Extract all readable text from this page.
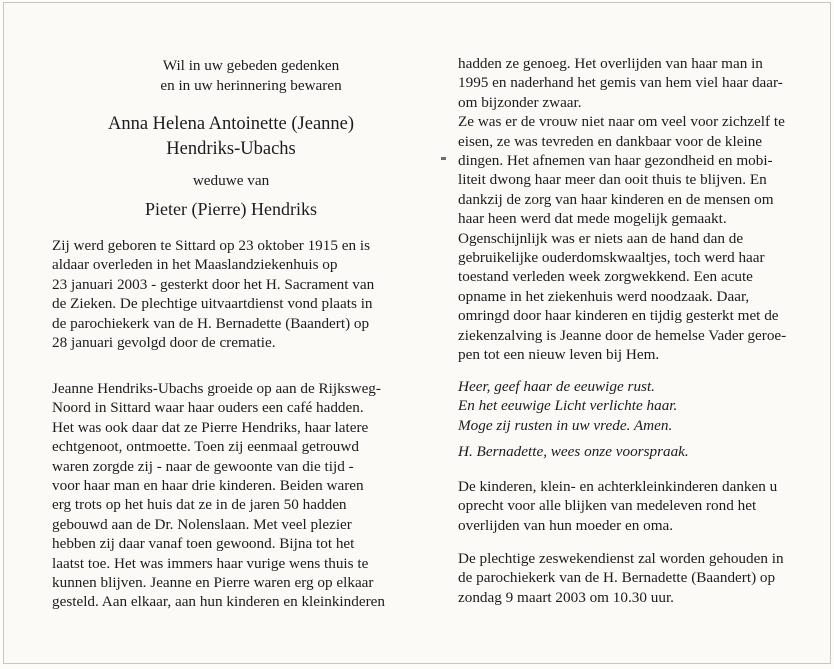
Wil in uw gebeden gedenken
en in uw herinnering bewaren
Anna Helena Antoinette (Jeanne)
Hendriks-Ubachs
weduwe van
Pieter (Pierre) Hendriks
Zij werd geboren te Sittard op 23 oktober 1915 en is
aldaar overleden in het Maaslandziekenhuis op
23 januari 2003 - gesterkt door het H. Sacrament van
de Zieken. De plechtige uitvaartdienst vond plaats in
de parochiekerk van de H. Bernadette (Baandert) op
28 januari gevolgd door de crematie.
Jeanne Hendriks-Ubachs groeide op aan de Rijksweg-
Noord in Sittard waar haar ouders een café hadden.
Het was ook daar dat ze Pierre Hendriks, haar latere
echtgenoot, ontmoette. Toen zij eenmaal getrouwd
waren zorgde zij - naar de gewoonte van die tijd -
voor haar man en haar drie kinderen. Beiden waren
erg trots op het huis dat ze in de jaren 50 hadden
gebouwd aan de Dr. Nolenslaan. Met veel plezier
hebben zij daar vanaf toen gewoond. Bijna tot het
laatst toe. Het was immers haar vurige wens thuis te
kunnen blijven. Jeanne en Pierre waren erg op elkaar
gesteld. Aan elkaar, aan hun kinderen en kleinkinderen
hadden ze genoeg. Het overlijden van haar man in
1995 en naderhand het gemis van hem viel haar daar-
om bijzonder zwaar.
Ze was er de vrouw niet naar om veel voor zichzelf te
eisen, ze was tevreden en dankbaar voor de kleine
dingen. Het afnemen van haar gezondheid en mobi-
liteit dwong haar meer dan ooit thuis te blijven. En
dankzij de zorg van haar kinderen en de mensen om
haar heen werd dat mede mogelijk gemaakt.
Ogenschijnlijk was er niets aan de hand dan de
gebruikelijke ouderdomskwaaltjes, toch werd haar
toestand verleden week zorgwekkend. Een acute
opname in het ziekenhuis werd noodzaak. Daar,
omringd door haar kinderen en tijdig gesterkt met de
ziekenzalving is Jeanne door de hemelse Vader geroe-
pen tot een nieuw leven bij Hem.
Heer, geef haar de eeuwige rust.
En het eeuwige Licht verlichte haar.
Moge zij rusten in uw vrede. Amen.
H. Bernadette, wees onze voorspraak.
De kinderen, klein- en achterkleinkinderen danken u
oprecht voor alle blijken van medeleven rond het
overlijden van hun moeder en oma.
De plechtige zeswekendienst zal worden gehouden in
de parochiekerk van de H. Bernadette (Baandert) op
zondag 9 maart 2003 om 10.30 uur.
